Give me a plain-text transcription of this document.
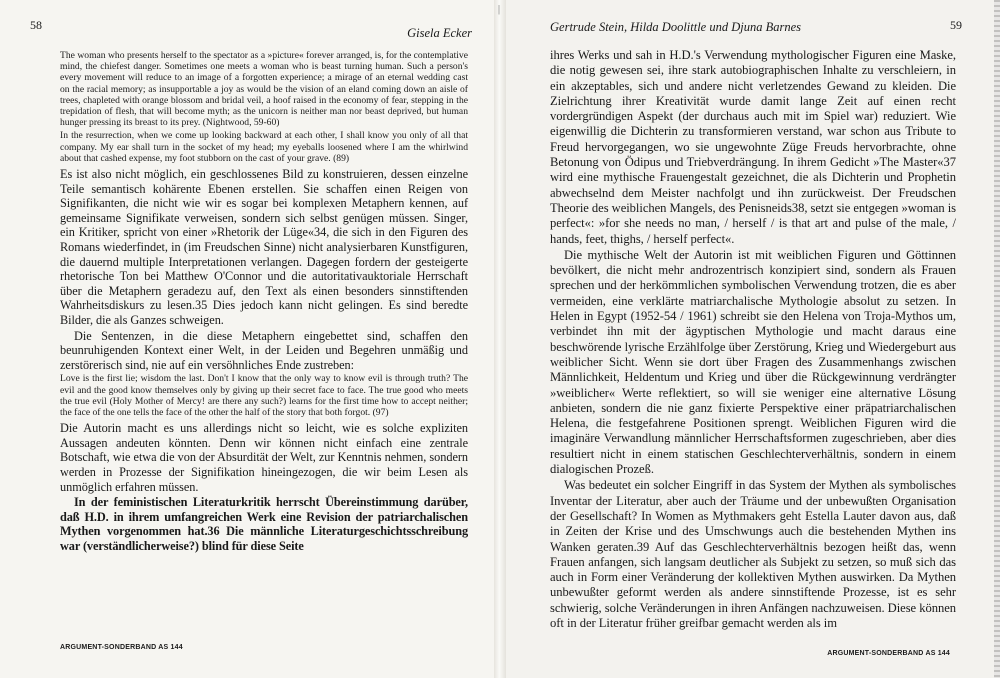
58
Gisela Ecker

The woman who presents herself to the spectator as a »picture« forever arranged, is, for the contemplative mind, the chiefest danger. Sometimes one meets a woman who is beast turning human. Such a person's every movement will reduce to an image of a forgotten experience; a mirage of an eternal wedding cast on the racial memory; as insupportable a joy as would be the vision of an eland coming down an aisle of trees, chapleted with orange blossom and bridal veil, a hoof raised in the economy of fear, stepping in the trepidation of flesh, that will become myth; as the unicorn is neither man nor beast deprived, but human hunger pressing its breast to its prey. (Nightwood, 59-60)

In the resurrection, when we come up looking backward at each other, I shall know you only of all that company. My ear shall turn in the socket of my head; my eyeballs loosened where I am the whirlwind about that cashed expense, my foot stubborn on the cast of your grave. (89)

Es ist also nicht möglich, ein geschlossenes Bild zu konstruieren, dessen einzelne Teile semantisch kohärente Ebenen erstellen. Sie schaffen einen Reigen von Signifikanten, die nicht wie wir es sogar bei komplexen Metaphern kennen, auf gemeinsame Signifikate verweisen, sondern sich selbst genügen müssen. Singer, ein Kritiker, spricht von einer »Rhetorik der Lüge«34, die sich in den Figuren des Romans wiederfindet, in (im Freudschen Sinne) nicht analysierbaren Kunstfiguren, die dauernd multiple Interpretationen verlangen. Dagegen fordern der gesteigerte rhetorische Ton bei Matthew O'Connor und die autoritativauktoriale Herrschaft über die Metaphern geradezu auf, den Text als einen besonders sinnstiftenden Wahrheitsdiskurs zu lesen.35 Dies jedoch kann nicht gelingen. Es sind beredte Bilder, die als Ganzes schweigen.

Die Sentenzen, in die diese Metaphern eingebettet sind, schaffen den beunruhigenden Kontext einer Welt, in der Leiden und Begehren unmäßig und zerstörerisch sind, nie auf ein versöhnliches Ende zustreben:

Love is the first lie; wisdom the last. Don't I know that the only way to know evil is through truth? The evil and the good know themselves only by giving up their secret face to face. The true good who meets the true evil (Holy Mother of Mercy! are there any such?) learns for the first time how to accept neither; the face of the one tells the face of the other the half of the story that both forgot. (97)

Die Autorin macht es uns allerdings nicht so leicht, wie es solche expliziten Aussagen andeuten könnten. Denn wir können nicht einfach eine zentrale Botschaft, wie etwa die von der Absurdität der Welt, zur Kenntnis nehmen, sondern werden in Prozesse der Signifikation hineingezogen, die wir beim Lesen als unmöglich erfahren müssen.

In der feministischen Literaturkritik herrscht Übereinstimmung darüber, daß H.D. in ihrem umfangreichen Werk eine Revision der patriarchalischen Mythen vorgenommen hat.36 Die männliche Literaturgeschichtsschreibung war (verständlicherweise?) blind für diese Seite

ARGUMENT-SONDERBAND AS 144
|
Gertrude Stein, Hilda Doolittle und Djuna Barnes	59

ihres Werks und sah in H.D.'s Verwendung mythologischer Figuren eine Maske, die notig gewesen sei, ihre stark autobiographischen Inhalte zu verschleiern, in ein akzeptables, sich und andere nicht verletzendes Gewand zu kleiden. Die Zielrichtung ihrer Kreativität wurde damit lange Zeit auf einen recht vordergründigen Aspekt (der durchaus auch mit im Spiel war) reduziert. Wie eigenwillig die Dichterin zu transformieren verstand, war schon aus Tribute to Freud hervorgegangen, wo sie ungewohnte Züge Freuds hervorbrachte, ohne Betonung von Ödipus und Triebverdrängung. In ihrem Gedicht »The Master«37 wird eine mythische Frauengestalt gezeichnet, die als Dichterin und Prophetin abwechselnd dem Meister nachfolgt und ihn zurückweist. Der Freudschen Theorie des weiblichen Mangels, des Penisneids38, setzt sie entgegen »woman is perfect«: »for she needs no man, / herself / is that art and pulse of the male, / hands, feet, thighs, / herself perfect«.

Die mythische Welt der Autorin ist mit weiblichen Figuren und Göttinnen bevölkert, die nicht mehr androzentrisch konzipiert sind, sondern als Frauen sprechen und der herkömmlichen symbolischen Verwendung trotzen, die es aber vermeiden, eine verklärte matriarchalische Mythologie absolut zu setzen. In Helen in Egypt (1952-54 / 1961) schreibt sie den Helena von Troja-Mythos um, verbindet ihn mit der ägyptischen Mythologie und macht daraus eine beschwörende lyrische Erzählfolge über Zerstörung, Krieg und Wiedergeburt aus weiblicher Sicht. Wenn sie dort über Fragen des Zusammenhangs zwischen Männlichkeit, Heldentum und Krieg und über die Rückgewinnung verdrängter »weiblicher« Werte reflektiert, so will sie weniger eine alternative Lösung anbieten, sondern die nie ganz fixierte Perspektive einer präpatriarchalischen Helena, die festgefahrene Positionen sprengt. Weiblichen Figuren wird die imaginäre Verwandlung männlicher Herrschaftsformen zugeschrieben, aber dies resultiert nicht in einem statischen Geschlechterverhältnis, sondern in einem dialogischen Prozeß.

Was bedeutet ein solcher Eingriff in das System der Mythen als symbolisches Inventar der Literatur, aber auch der Träume und der unbewußten Organisation der Gesellschaft? In Women as Mythmakers geht Estella Lauter davon aus, daß in Zeiten der Krise und des Umschwungs auch die bestehenden Mythen ins Wanken geraten.39 Auf das Geschlechterverhältnis bezogen heißt das, wenn Frauen anfangen, sich langsam deutlicher als Subjekt zu setzen, so muß sich das auch in Form einer Veränderung der kollektiven Mythen auswirken. Da Mythen unbewußter geformt werden als andere sinnstiftende Prozesse, ist es sehr schwierig, solche Veränderungen in ihren Anfängen nachzuweisen. Diese können oft in der Literatur früher greifbar gemacht werden als im

ARGUMENT-SONDERBAND AS 144
